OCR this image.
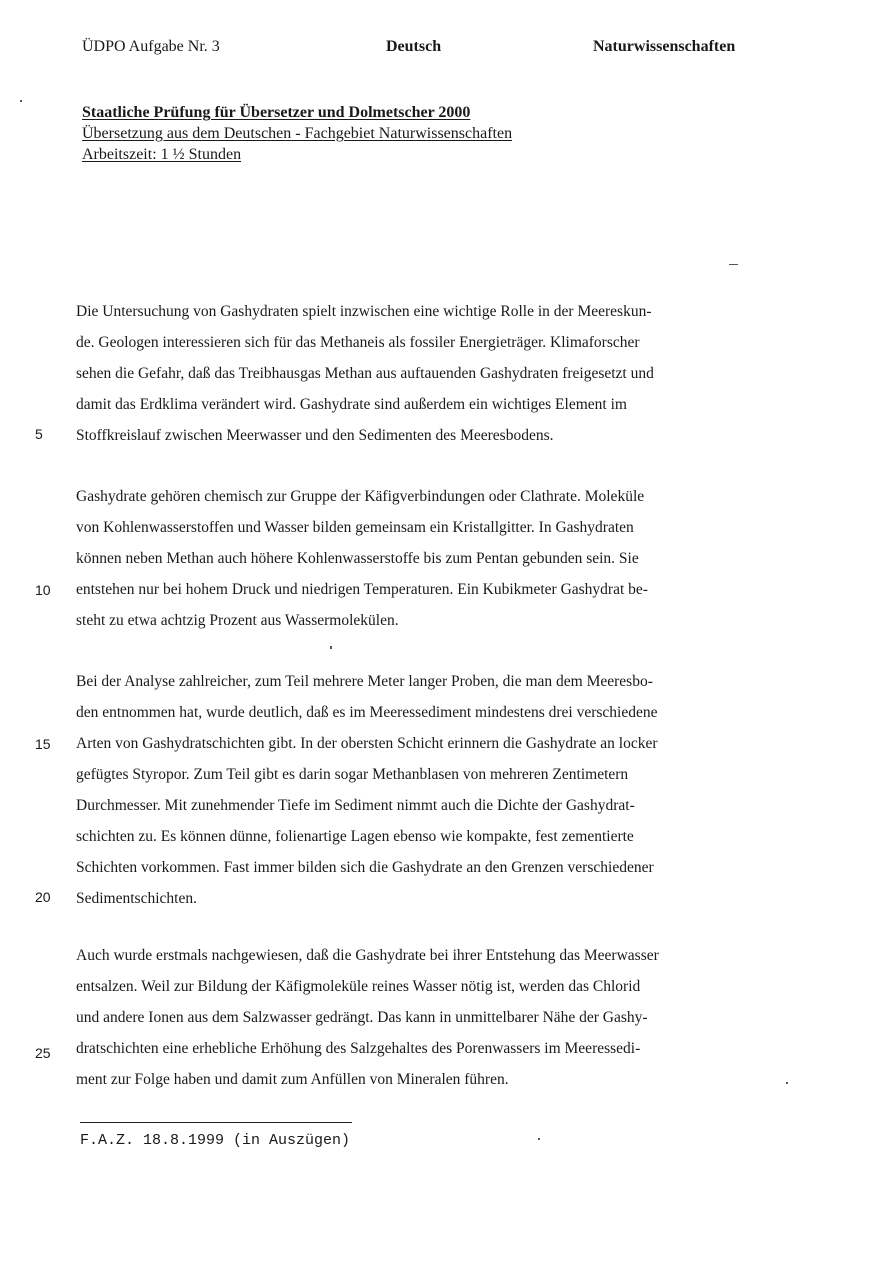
ÜDPO Aufgabe Nr. 3	Deutsch	Naturwissenschaften
Staatliche Prüfung für Übersetzer und Dolmetscher 2000
Übersetzung aus dem Deutschen - Fachgebiet Naturwissenschaften
Arbeitszeit: 1 ½ Stunden
Die Untersuchung von Gashydraten spielt inzwischen eine wichtige Rolle in der Meereskun-
de. Geologen interessieren sich für das Methaneis als fossiler Energieträger. Klimaforscher
sehen die Gefahr, daß das Treibhausgas Methan aus auftauenden Gashydraten freigesetzt und
damit das Erdklima verändert wird. Gashydrate sind außerdem ein wichtiges Element im
Stoffkreislauf zwischen Meerwasser und den Sedimenten des Meeresbodens.
Gashydrate gehören chemisch zur Gruppe der Käfigverbindungen oder Clathrate. Moleküle
von Kohlenwasserstoffen und Wasser bilden gemeinsam ein Kristallgitter. In Gashydraten
können neben Methan auch höhere Kohlenwasserstoffe bis zum Pentan gebunden sein. Sie
entstehen nur bei hohem Druck und niedrigen Temperaturen. Ein Kubikmeter Gashydrat be-
steht zu etwa achtzig Prozent aus Wassermolekülen.
Bei der Analyse zahlreicher, zum Teil mehrere Meter langer Proben, die man dem Meeresbo-
den entnommen hat, wurde deutlich, daß es im Meeressediment mindestens drei verschiedene
Arten von Gashydratschichten gibt. In der obersten Schicht erinnern die Gashydrate an locker
gefügtes Styropor. Zum Teil gibt es darin sogar Methanblasen von mehreren Zentimetern
Durchmesser. Mit zunehmender Tiefe im Sediment nimmt auch die Dichte der Gashydrat-
schichten zu. Es können dünne, folienartige Lagen ebenso wie kompakte, fest zementierte
Schichten vorkommen. Fast immer bilden sich die Gashydrate an den Grenzen verschiedener
Sedimentschichten.
Auch wurde erstmals nachgewiesen, daß die Gashydrate bei ihrer Entstehung das Meerwasser
entsalzen. Weil zur Bildung der Käfigmoleküle reines Wasser nötig ist, werden das Chlorid
und andere Ionen aus dem Salzwasser gedrängt. Das kann in unmittelbarer Nähe der Gashy-
dratschichten eine erhebliche Erhöhung des Salzgehaltes des Porenwassers im Meeressedi-
ment zur Folge haben und damit zum Anfüllen von Mineralen führen.
5
10
15
20
25
F.A.Z. 18.8.1999 (in Auszügen)
